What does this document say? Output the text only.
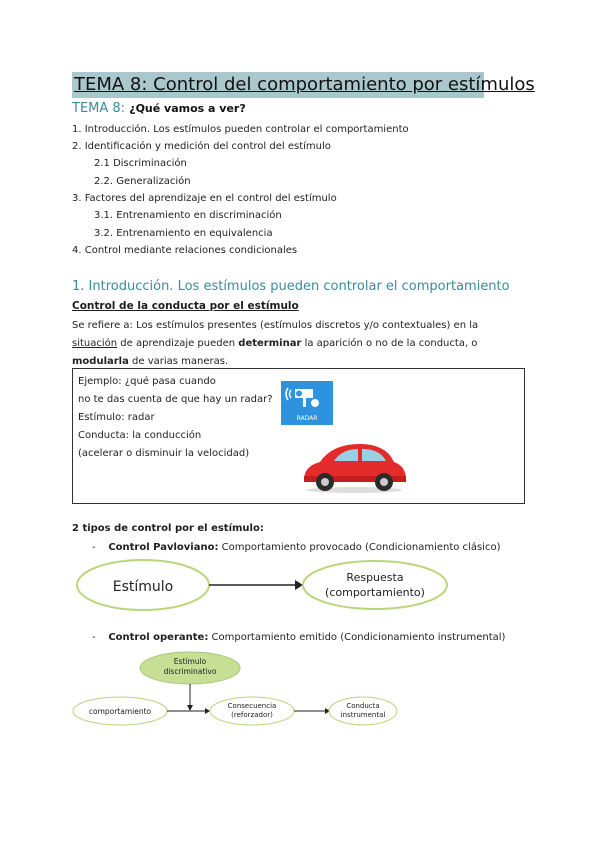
TEMA 8: Control del comportamiento por estímulos
TEMA 8: ¿Qué vamos a ver?
1. Introducción. Los estímulos pueden controlar el comportamiento
2. Identificación y medición del control del estímulo
2.1 Discriminación
2.2. Generalización
3. Factores del aprendizaje en el control del estímulo
3.1. Entrenamiento en discriminación
3.2. Entrenamiento en equivalencia
4. Control mediante relaciones condicionales
1. Introducción. Los estímulos pueden controlar el comportamiento
Control de la conducta por el estímulo
Se refiere a: Los estímulos presentes (estímulos discretos y/o contextuales) en la situación de aprendizaje pueden determinar la aparición o no de la conducta, o modularla de varias maneras.
Ejemplo: ¿qué pasa cuando
no te das cuenta de que hay un radar?
Estímulo: radar
Conducta: la conducción
(acelerar o disminuir la velocidad)
RADAR
2 tipos de control por el estímulo:
-    Control Pavloviano: Comportamiento provocado (Condicionamiento clásico)
Estímulo
Respuesta
(comportamiento)
-    Control operante: Comportamiento emitido (Condicionamiento instrumental)
Estímulo
discriminativo
comportamiento
Consecuencia
(reforzador)
Conducta
instrumental
